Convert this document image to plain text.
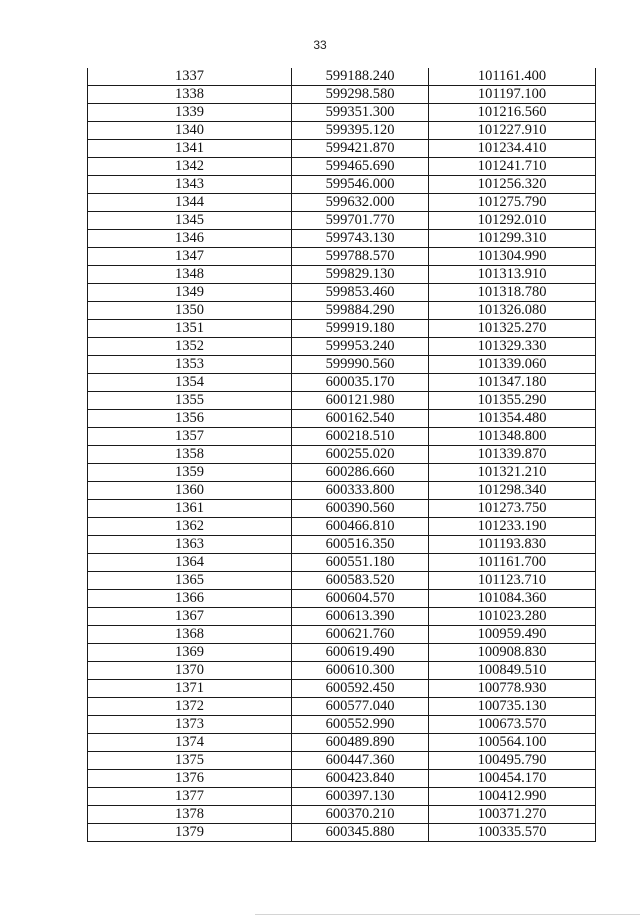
33
1337	599188.240	101161.400
1338	599298.580	101197.100
1339	599351.300	101216.560
1340	599395.120	101227.910
1341	599421.870	101234.410
1342	599465.690	101241.710
1343	599546.000	101256.320
1344	599632.000	101275.790
1345	599701.770	101292.010
1346	599743.130	101299.310
1347	599788.570	101304.990
1348	599829.130	101313.910
1349	599853.460	101318.780
1350	599884.290	101326.080
1351	599919.180	101325.270
1352	599953.240	101329.330
1353	599990.560	101339.060
1354	600035.170	101347.180
1355	600121.980	101355.290
1356	600162.540	101354.480
1357	600218.510	101348.800
1358	600255.020	101339.870
1359	600286.660	101321.210
1360	600333.800	101298.340
1361	600390.560	101273.750
1362	600466.810	101233.190
1363	600516.350	101193.830
1364	600551.180	101161.700
1365	600583.520	101123.710
1366	600604.570	101084.360
1367	600613.390	101023.280
1368	600621.760	100959.490
1369	600619.490	100908.830
1370	600610.300	100849.510
1371	600592.450	100778.930
1372	600577.040	100735.130
1373	600552.990	100673.570
1374	600489.890	100564.100
1375	600447.360	100495.790
1376	600423.840	100454.170
1377	600397.130	100412.990
1378	600370.210	100371.270
1379	600345.880	100335.570
